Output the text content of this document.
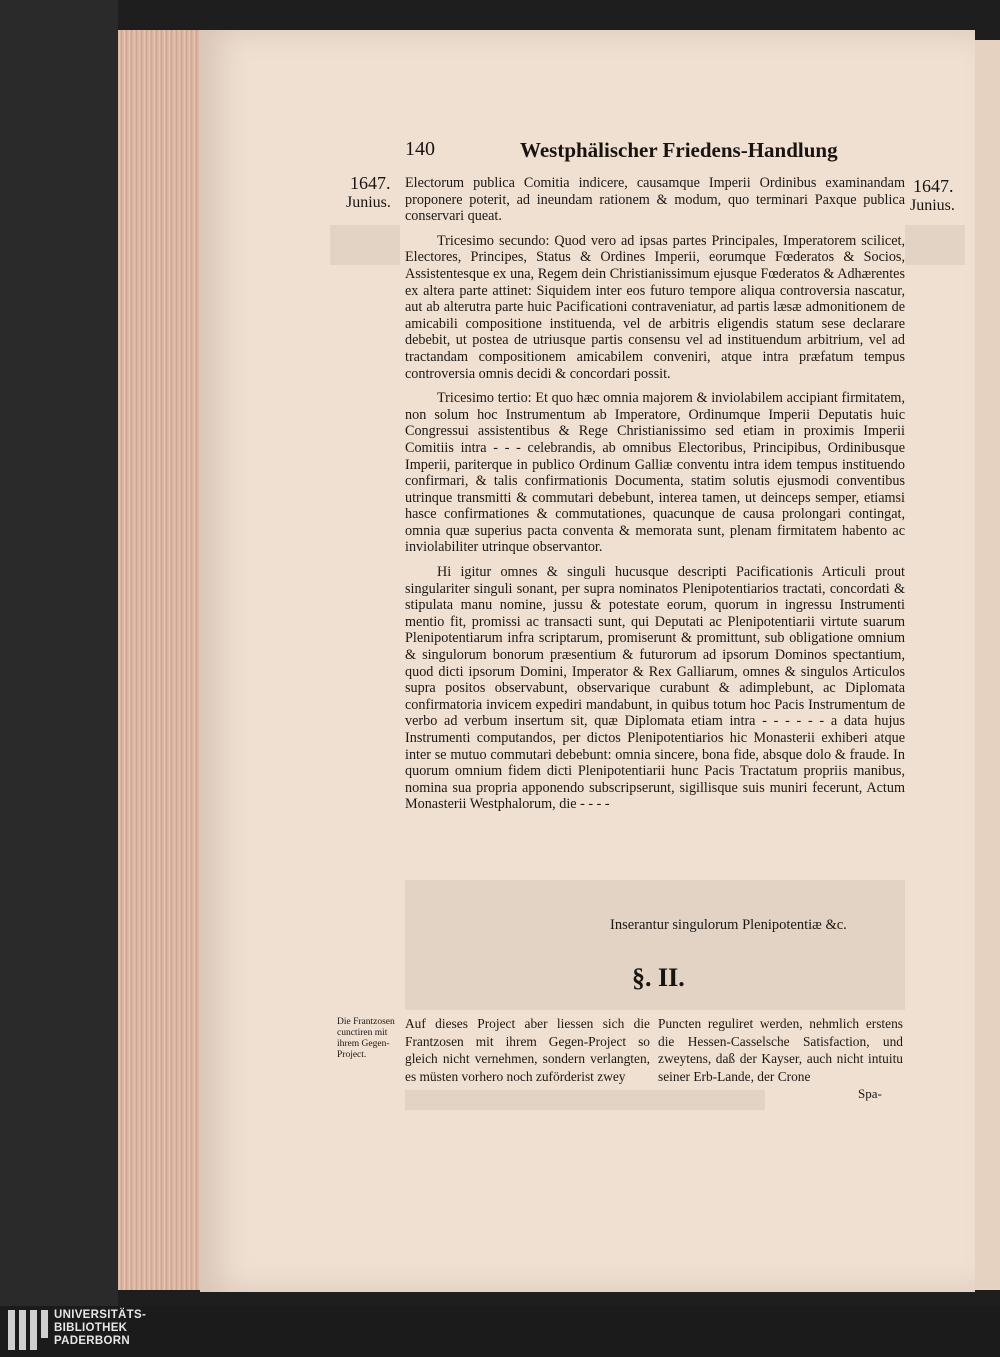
140	Westphälischer Friedens-Handlung
1647.
Junius.
1647.
Junius.

Electorum publica Comitia indicere, causamque Imperii Ordinibus examinandam proponere poterit, ad ineundam rationem & modum, quo terminari Paxque publica conservari queat.

Tricesimo secundo: Quod vero ad ipsas partes Principales, Imperatorem scilicet, Electores, Principes, Status & Ordines Imperii, eorumque Fœderatos & Socios, Assistentesque ex una, Regem dein Christianissimum ejusque Fœderatos & Adhærentes ex altera parte attinet: Siquidem inter eos futuro tempore aliqua controversia nascatur, aut ab alterutra parte huic Pacificationi contraveniatur, ad partis læsæ admonitionem de amicabili compositione instituenda, vel de arbitris eligendis statum sese declarare debebit, ut postea de utriusque partis consensu vel ad instituendum arbitrium, vel ad tractandam compositionem amicabilem conveniri, atque intra præfatum tempus controversia omnis decidi & concordari possit.

Tricesimo tertio: Et quo hæc omnia majorem & inviolabilem accipiant firmitatem, non solum hoc Instrumentum ab Imperatore, Ordinumque Imperii Deputatis huic Congressui assistentibus & Rege Christianissimo sed etiam in proximis Imperii Comitiis intra - - - celebrandis, ab omnibus Electoribus, Principibus, Ordinibusque Imperii, pariterque in publico Ordinum Galliæ conventu intra idem tempus instituendo confirmari, & talis confirmationis Documenta, statim solutis ejusmodi conventibus utrinque transmitti & commutari debebunt, interea tamen, ut deinceps semper, etiamsi hasce confirmationes & commutationes, quacunque de causa prolongari contingat, omnia quæ superius pacta conventa & memorata sunt, plenam firmitatem habento ac inviolabiliter utrinque observantor.

Hi igitur omnes & singuli hucusque descripti Pacificationis Articuli prout singulariter singuli sonant, per supra nominatos Plenipotentiarios tractati, concordati & stipulata manu nomine, jussu & potestate eorum, quorum in ingressu Instrumenti mentio fit, promissi ac transacti sunt, qui Deputati ac Plenipotentiarii virtute suarum Plenipotentiarum infra scriptarum, promiserunt & promittunt, sub obligatione omnium & singulorum bonorum præsentium & futurorum ad ipsorum Dominos spectantium, quod dicti ipsorum Domini, Imperator & Rex Galliarum, omnes & singulos Articulos supra positos observabunt, observarique curabunt & adimplebunt, ac Diplomata confirmatoria invicem expediri mandabunt, in quibus totum hoc Pacis Instrumentum de verbo ad verbum insertum sit, quæ Diplomata etiam intra - - - - - - a data hujus Instrumenti computandos, per dictos Plenipotentiarios hic Monasterii exhiberi atque inter se mutuo commutari debebunt: omnia sincere, bona fide, absque dolo & fraude. In quorum omnium fidem dicti Plenipotentiarii hunc Pacis Tractatum propriis manibus, nomina sua propria apponendo subscripserunt, sigillisque suis muniri fecerunt, Actum Monasterii Westphalorum, die - - - -

Inserantur singulorum Plenipotentiæ &c.
§. II.
Die Frantzosen cunctiren mit ihrem Gegen-Project.
Auf dieses Project aber liessen sich die Frantzosen mit ihrem Gegen-Project so gleich nicht vernehmen, sondern verlangten, es müsten vorhero noch zuförderist zwey
Puncten reguliret werden, nehmlich erstens die Hessen-Casselsche Satisfaction, und zweytens, daß der Kayser, auch nicht intuitu seiner Erb-Lande, der Crone
Spa-
UNIVERSITÄTS-
BIBLIOTHEK
PADERBORN
